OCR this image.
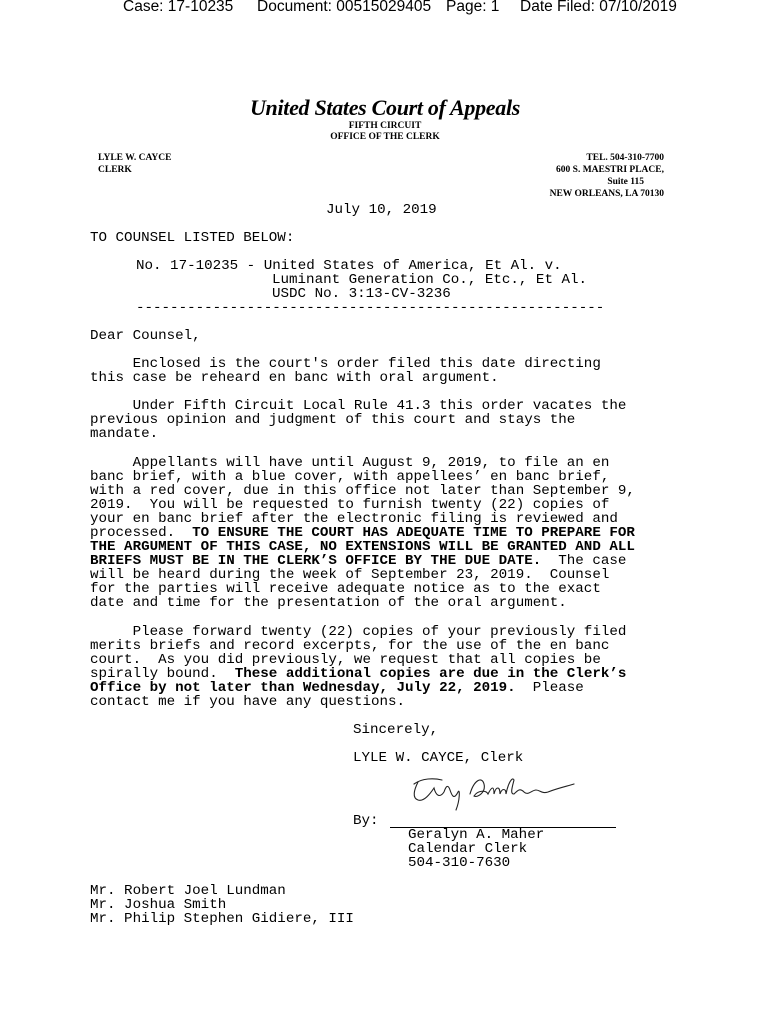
Case: 17-10235 Document: 00515029405 Page: 1 Date Filed: 07/10/2019
United States Court of Appeals
FIFTH CIRCUIT
OFFICE OF THE CLERK
LYLE W. CAYCE
CLERK
TEL. 504-310-7700
600 S. MAESTRI PLACE,
Suite 115
NEW ORLEANS, LA 70130
July 10, 2019
TO COUNSEL LISTED BELOW:
No. 17-10235 - United States of America, Et Al. v.
Luminant Generation Co., Etc., Et Al.
USDC No. 3:13-CV-3236
-------------------------------------------------------
Dear Counsel,
Enclosed is the court's order filed this date directing
this case be reheard en banc with oral argument.
Under Fifth Circuit Local Rule 41.3 this order vacates the
previous opinion and judgment of this court and stays the
mandate.
Appellants will have until August 9, 2019, to file an en
banc brief, with a blue cover, with appellees’ en banc brief,
with a red cover, due in this office not later than September 9,
2019.  You will be requested to furnish twenty (22) copies of
your en banc brief after the electronic filing is reviewed and
processed.  TO ENSURE THE COURT HAS ADEQUATE TIME TO PREPARE FOR
THE ARGUMENT OF THIS CASE, NO EXTENSIONS WILL BE GRANTED AND ALL
BRIEFS MUST BE IN THE CLERK’S OFFICE BY THE DUE DATE.  The case
will be heard during the week of September 23, 2019.  Counsel
for the parties will receive adequate notice as to the exact
date and time for the presentation of the oral argument.
Please forward twenty (22) copies of your previously filed
merits briefs and record excerpts, for the use of the en banc
court.  As you did previously, we request that all copies be
spirally bound.  These additional copies are due in the Clerk’s
Office by not later than Wednesday, July 22, 2019.  Please
contact me if you have any questions.
Sincerely,
LYLE W. CAYCE, Clerk
By:
Geralyn A. Maher
Calendar Clerk
504-310-7630
Mr. Robert Joel Lundman
Mr. Joshua Smith
Mr. Philip Stephen Gidiere, III
